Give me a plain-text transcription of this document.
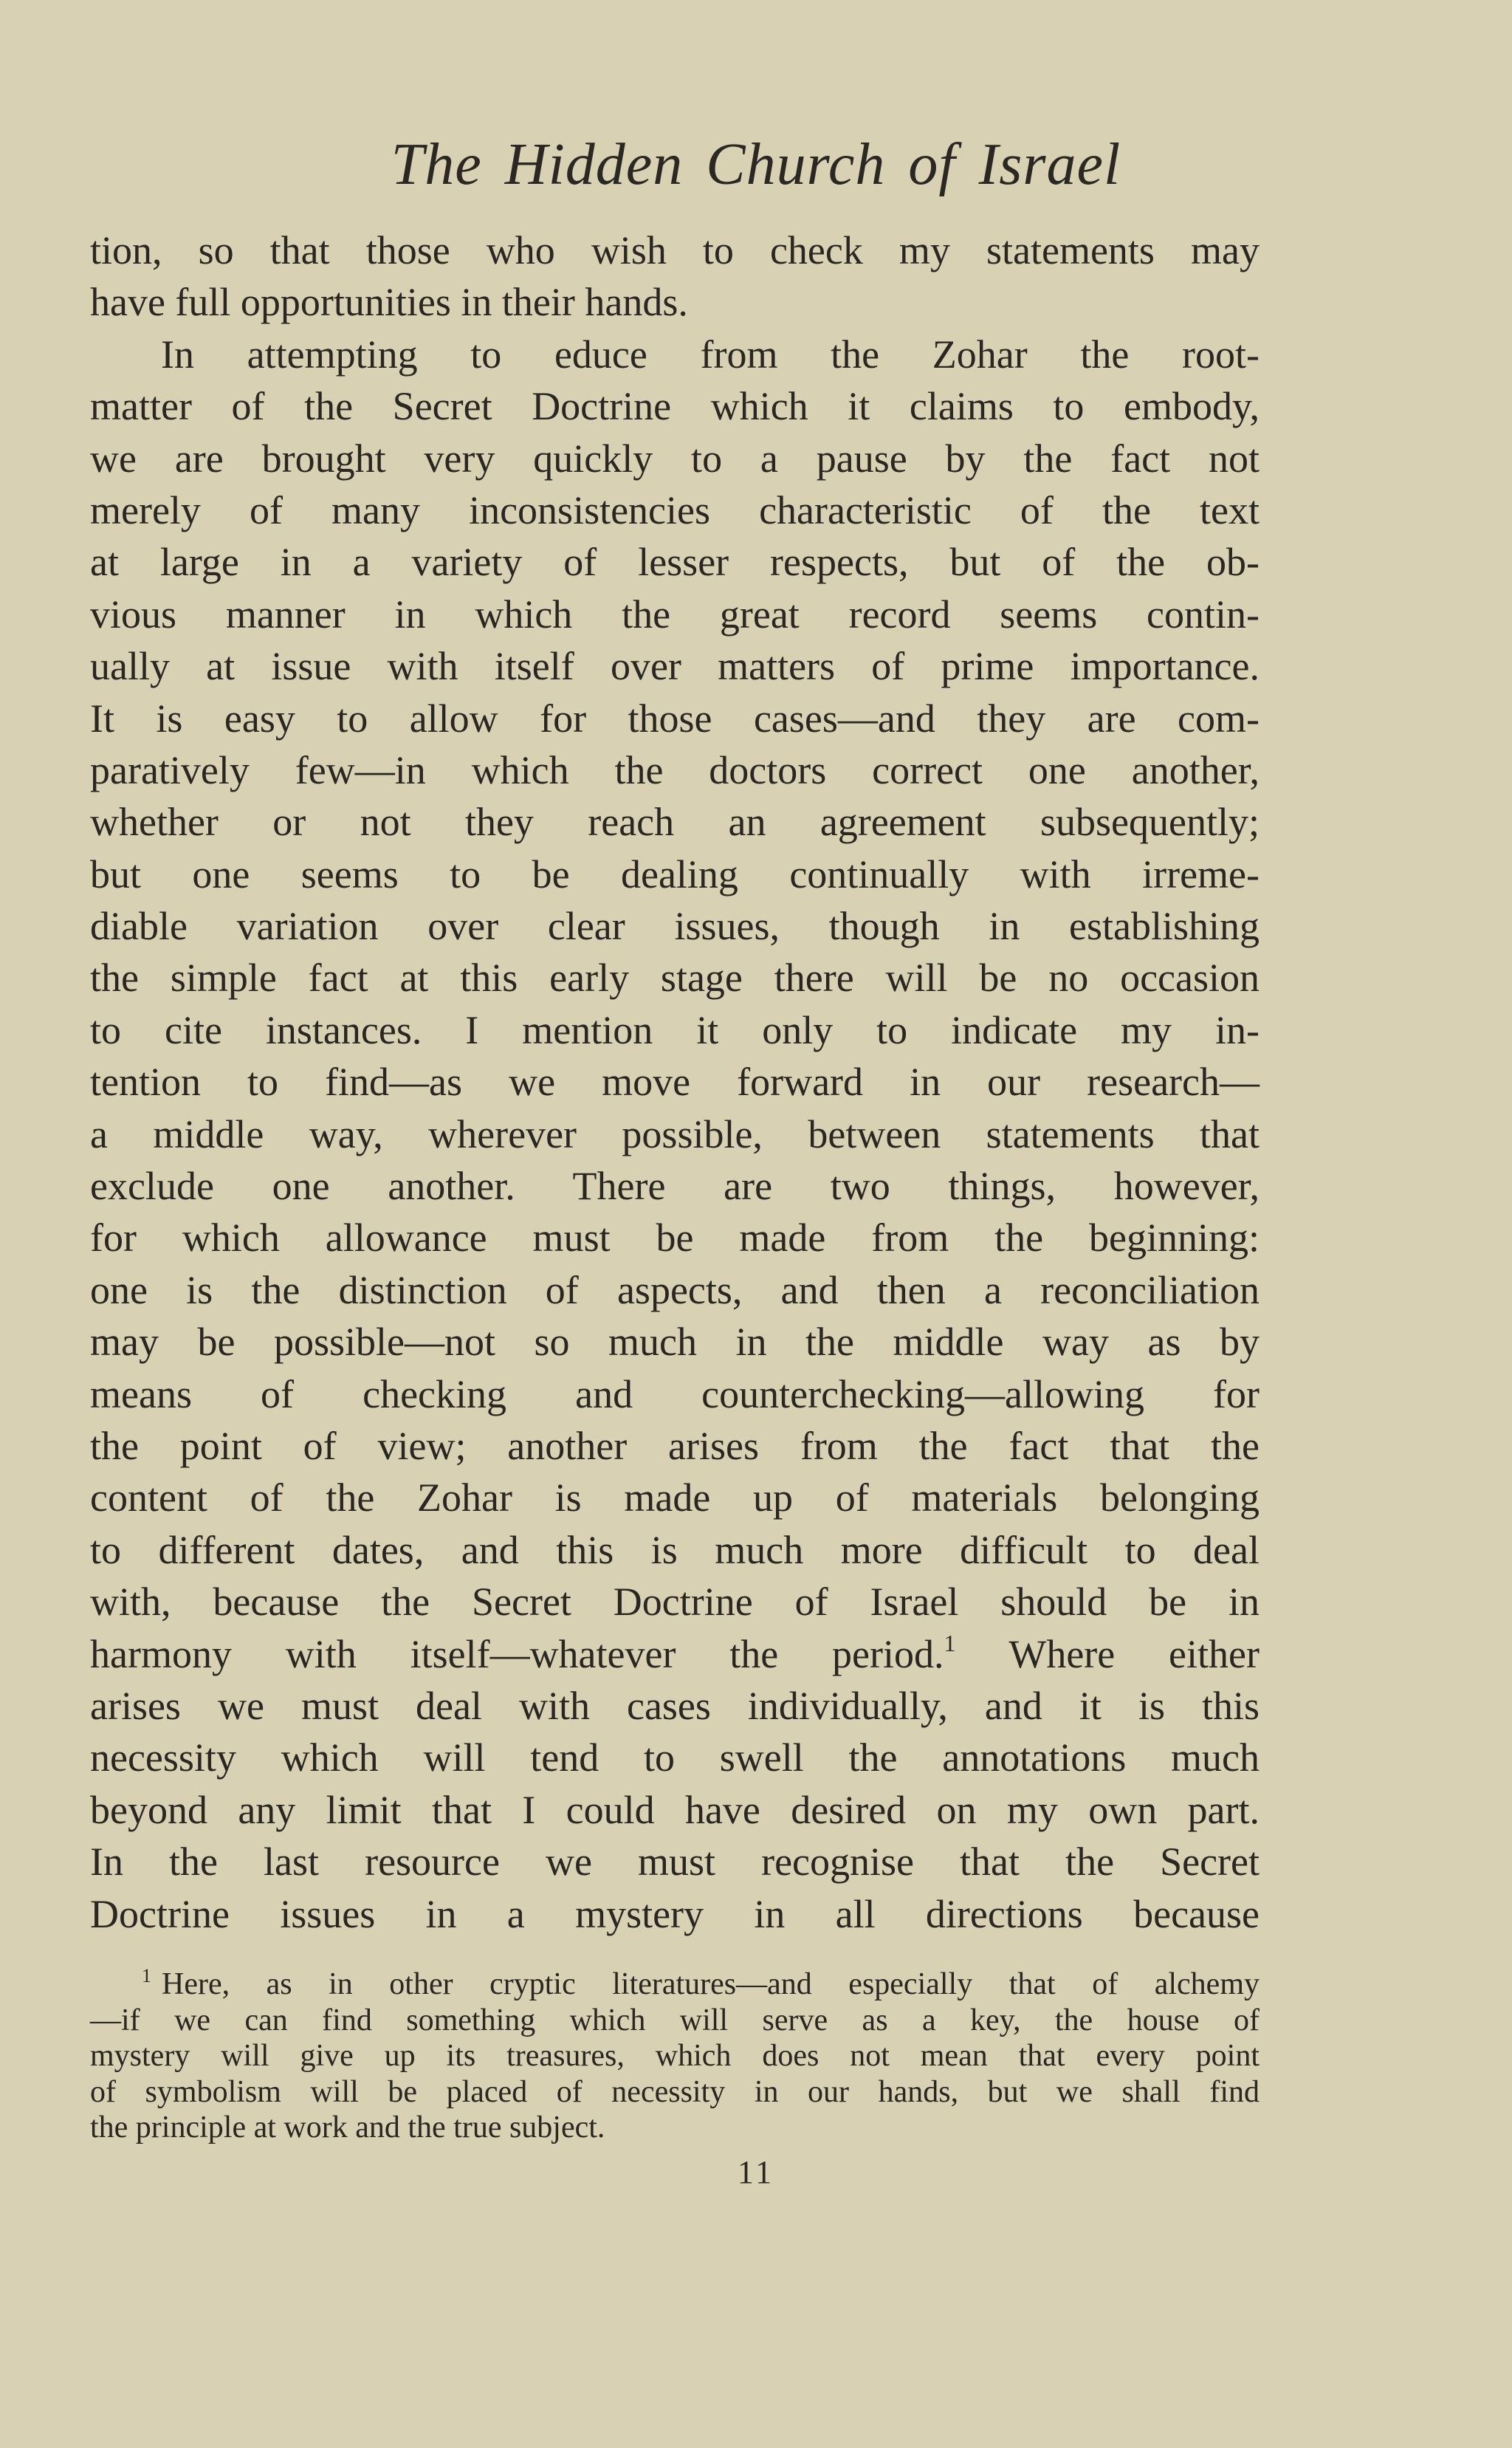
The Hidden Church of Israel
tion, so that those who wish to check my statements may
have full opportunities in their hands.
In attempting to educe from the Zohar the root-
matter of the Secret Doctrine which it claims to embody,
we are brought very quickly to a pause by the fact not
merely of many inconsistencies characteristic of the text
at large in a variety of lesser respects, but of the ob-
vious manner in which the great record seems contin-
ually at issue with itself over matters of prime importance.
It is easy to allow for those cases—and they are com-
paratively few—in which the doctors correct one another,
whether or not they reach an agreement subsequently;
but one seems to be dealing continually with irreme-
diable variation over clear issues, though in establishing
the simple fact at this early stage there will be no occasion
to cite instances. I mention it only to indicate my in-
tention to find—as we move forward in our research—
a middle way, wherever possible, between statements that
exclude one another. There are two things, however,
for which allowance must be made from the beginning:
one is the distinction of aspects, and then a reconciliation
may be possible—not so much in the middle way as by
means of checking and counterchecking—allowing for
the point of view; another arises from the fact that the
content of the Zohar is made up of materials belonging
to different dates, and this is much more difficult to deal
with, because the Secret Doctrine of Israel should be in
harmony with itself—whatever the period.$^1$ Where either
arises we must deal with cases individually, and it is this
necessity which will tend to swell the annotations much
beyond any limit that I could have desired on my own part.
In the last resource we must recognise that the Secret
Doctrine issues in a mystery in all directions because
$^1$ Here, as in other cryptic literatures—and especially that of alchemy
—if we can find something which will serve as a key, the house of
mystery will give up its treasures, which does not mean that every point
of symbolism will be placed of necessity in our hands, but we shall find
the principle at work and the true subject.
11
